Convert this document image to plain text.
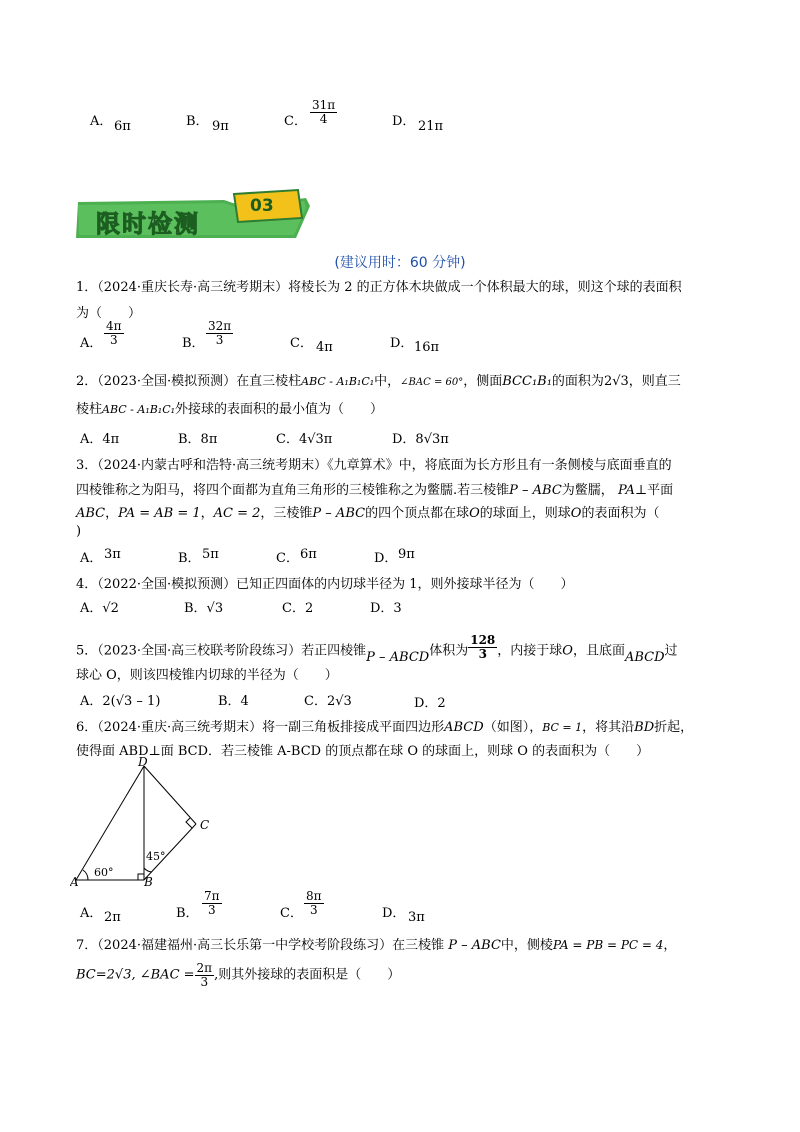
A． 6π	B． 9π	C． $\frac{31\pi}{4}$	D． 21π
限时检测
03
(建议用时：60 分钟)
1．（2024·重庆长寿·高三统考期末）将棱长为 2 的正方体木块做成一个体积最大的球，则这个球的表面积
为（　　）
A． $\frac{4\pi}{3}$	B． $\frac{32\pi}{3}$	C． 4π	D． 16π
2．（2023·全国·模拟预测）在直三棱柱ABC - A₁B₁C₁中，∠BAC = 60°，侧面BCC₁B₁的面积为2√3，则直三
棱柱ABC - A₁B₁C₁外接球的表面积的最小值为（　　）
A．4π	B．8π	C．4√3π	D．8√3π
3．（2024·内蒙古呼和浩特·高三统考期末）《九章算术》中，将底面为长方形且有一条侧棱与底面垂直的
四棱锥称之为阳马，将四个面都为直角三角形的三棱锥称之为鳖臑.若三棱锥P – ABC为鳖臑， PA⊥平面
ABC，PA = AB = 1，AC = 2，三棱锥P – ABC的四个顶点都在球O的球面上，则球O的表面积为（
)
A． 3π	B． 5π	C． 6π	D． 9π
4．（2022·全国·模拟预测）已知正四面体的内切球半径为 1，则外接球半径为（　　）
A．√2	B．√3	C．2	D．3
5．（2023·全国·高三校联考阶段练习）若正四棱锥P – ABCD体积为 $\frac{128}{3}$ ，内接于球O，且底面ABCD过
球心 O，则该四棱锥内切球的半径为（　　）
A．2(√3 – 1)	B．4	C．2√3	D．2
6．（2024·重庆·高三统考期末）将一副三角板排接成平面四边形ABCD（如图），BC = 1，将其沿BD折起，
使得面 ABD⊥面 BCD．若三棱锥 A-BCD 的顶点都在球 O 的球面上，则球 O 的表面积为（　　）
D
C
A	B
60°
45°
A． 2π	B． $\frac{7\pi}{3}$	C． $\frac{8\pi}{3}$	D． 3π
7．（2024·福建福州·高三长乐第一中学校考阶段练习）在三棱锥 P – ABC中，侧棱PA = PB = PC = 4，
BC=2√3, ∠BAC = $\frac{2\pi}{3}$ ,则其外接球的表面积是（　　）
